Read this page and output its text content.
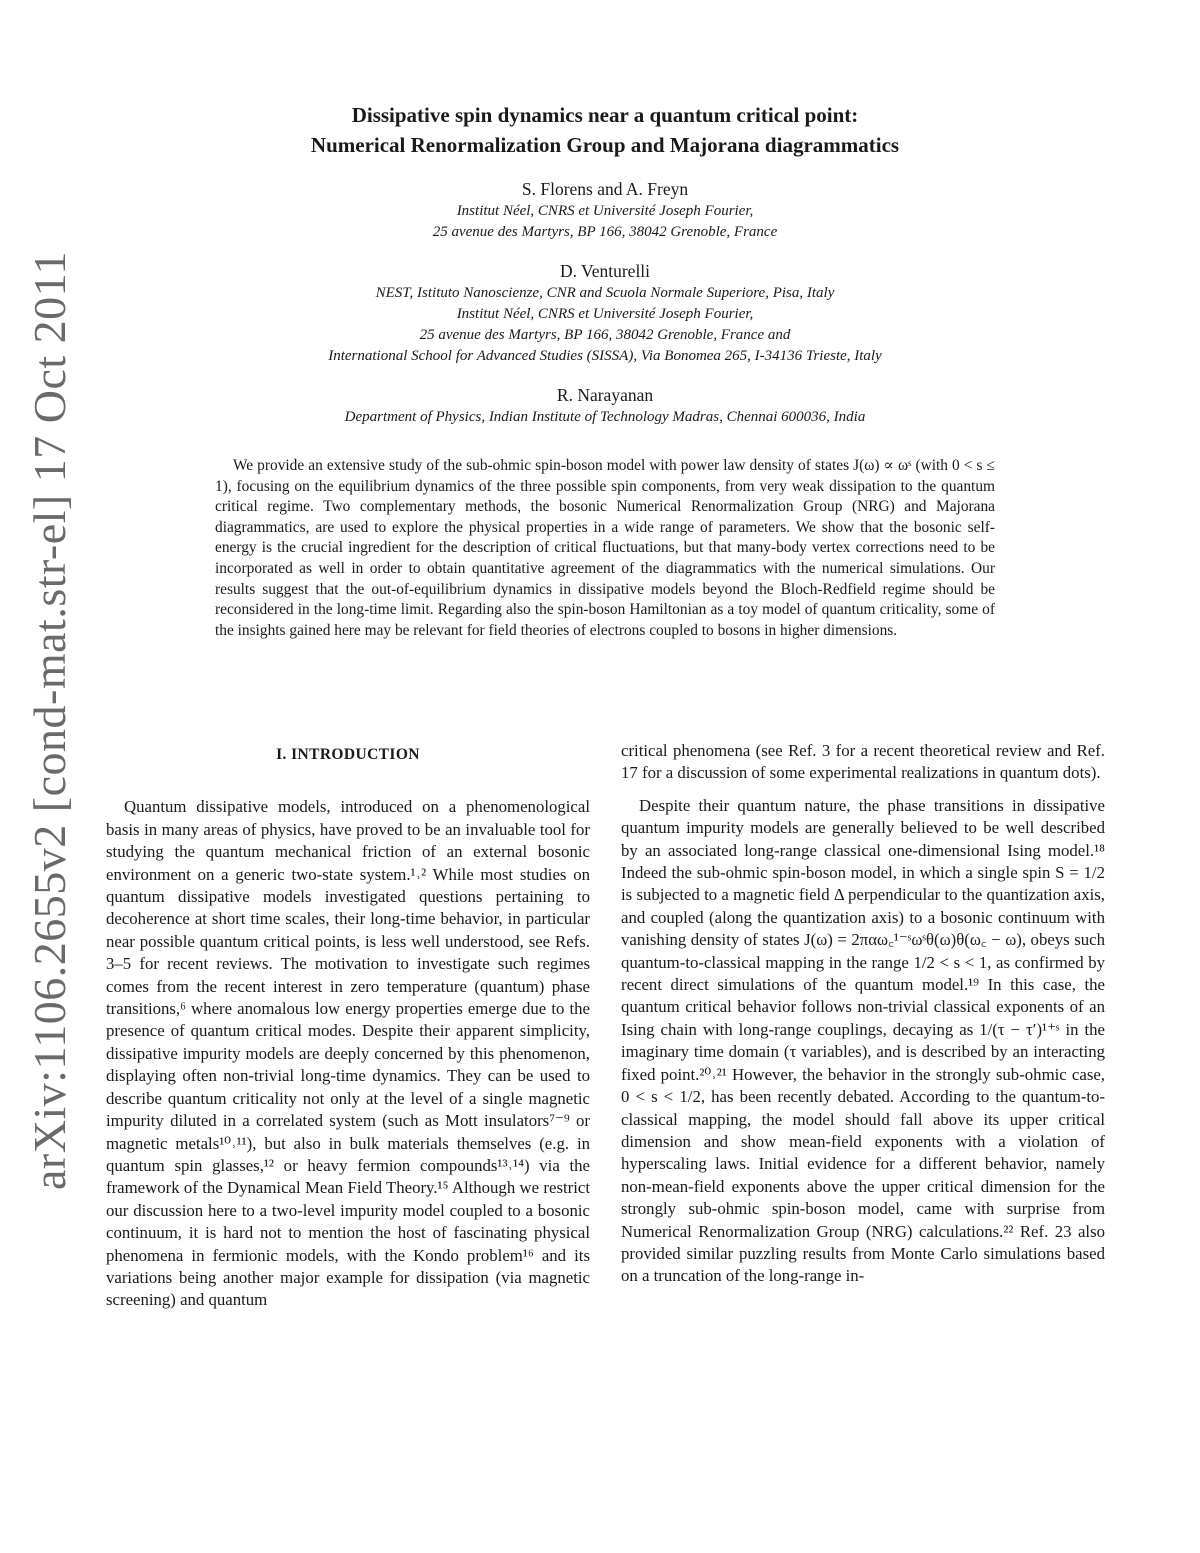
arXiv:1106.2655v2 [cond-mat.str-el] 17 Oct 2011
Dissipative spin dynamics near a quantum critical point:
Numerical Renormalization Group and Majorana diagrammatics
S. Florens and A. Freyn
Institut Néel, CNRS et Université Joseph Fourier,
25 avenue des Martyrs, BP 166, 38042 Grenoble, France
D. Venturelli
NEST, Istituto Nanoscienze, CNR and Scuola Normale Superiore, Pisa, Italy
Institut Néel, CNRS et Université Joseph Fourier,
25 avenue des Martyrs, BP 166, 38042 Grenoble, France and
International School for Advanced Studies (SISSA), Via Bonomea 265, I-34136 Trieste, Italy
R. Narayanan
Department of Physics, Indian Institute of Technology Madras, Chennai 600036, India
We provide an extensive study of the sub-ohmic spin-boson model with power law density of states J(ω) ∝ ωˢ (with 0 < s ≤ 1), focusing on the equilibrium dynamics of the three possible spin components, from very weak dissipation to the quantum critical regime. Two complementary methods, the bosonic Numerical Renormalization Group (NRG) and Majorana diagrammatics, are used to explore the physical properties in a wide range of parameters. We show that the bosonic self-energy is the crucial ingredient for the description of critical fluctuations, but that many-body vertex corrections need to be incorporated as well in order to obtain quantitative agreement of the diagrammatics with the numerical simulations. Our results suggest that the out-of-equilibrium dynamics in dissipative models beyond the Bloch-Redfield regime should be reconsidered in the long-time limit. Regarding also the spin-boson Hamiltonian as a toy model of quantum criticality, some of the insights gained here may be relevant for field theories of electrons coupled to bosons in higher dimensions.
I. INTRODUCTION

Quantum dissipative models, introduced on a phenomenological basis in many areas of physics, have proved to be an invaluable tool for studying the quantum mechanical friction of an external bosonic environment on a generic two-state system.¹˒² While most studies on quantum dissipative models investigated questions pertaining to decoherence at short time scales, their long-time behavior, in particular near possible quantum critical points, is less well understood, see Refs. 3–5 for recent reviews. The motivation to investigate such regimes comes from the recent interest in zero temperature (quantum) phase transitions,⁶ where anomalous low energy properties emerge due to the presence of quantum critical modes. Despite their apparent simplicity, dissipative impurity models are deeply concerned by this phenomenon, displaying often non-trivial long-time dynamics. They can be used to describe quantum criticality not only at the level of a single magnetic impurity diluted in a correlated system (such as Mott insulators⁷⁻⁹ or magnetic metals¹⁰˒¹¹), but also in bulk materials themselves (e.g. in quantum spin glasses,¹² or heavy fermion compounds¹³˒¹⁴) via the framework of the Dynamical Mean Field Theory.¹⁵ Although we restrict our discussion here to a two-level impurity model coupled to a bosonic continuum, it is hard not to mention the host of fascinating physical phenomena in fermionic models, with the Kondo problem¹⁶ and its variations being another major example for dissipation (via magnetic screening) and quantum

critical phenomena (see Ref. 3 for a recent theoretical review and Ref. 17 for a discussion of some experimental realizations in quantum dots).

Despite their quantum nature, the phase transitions in dissipative quantum impurity models are generally believed to be well described by an associated long-range classical one-dimensional Ising model.¹⁸ Indeed the sub-ohmic spin-boson model, in which a single spin S = 1/2 is subjected to a magnetic field Δ perpendicular to the quantization axis, and coupled (along the quantization axis) to a bosonic continuum with vanishing density of states J(ω) = 2παω꜀¹⁻ˢωˢθ(ω)θ(ω꜀ − ω), obeys such quantum-to-classical mapping in the range 1/2 < s < 1, as confirmed by recent direct simulations of the quantum model.¹⁹ In this case, the quantum critical behavior follows non-trivial classical exponents of an Ising chain with long-range couplings, decaying as 1/(τ − τ′)¹⁺ˢ in the imaginary time domain (τ variables), and is described by an interacting fixed point.²⁰˒²¹ However, the behavior in the strongly sub-ohmic case, 0 < s < 1/2, has been recently debated. According to the quantum-to-classical mapping, the model should fall above its upper critical dimension and show mean-field exponents with a violation of hyperscaling laws. Initial evidence for a different behavior, namely non-mean-field exponents above the upper critical dimension for the strongly sub-ohmic spin-boson model, came with surprise from Numerical Renormalization Group (NRG) calculations.²² Ref. 23 also provided similar puzzling results from Monte Carlo simulations based on a truncation of the long-range in-
